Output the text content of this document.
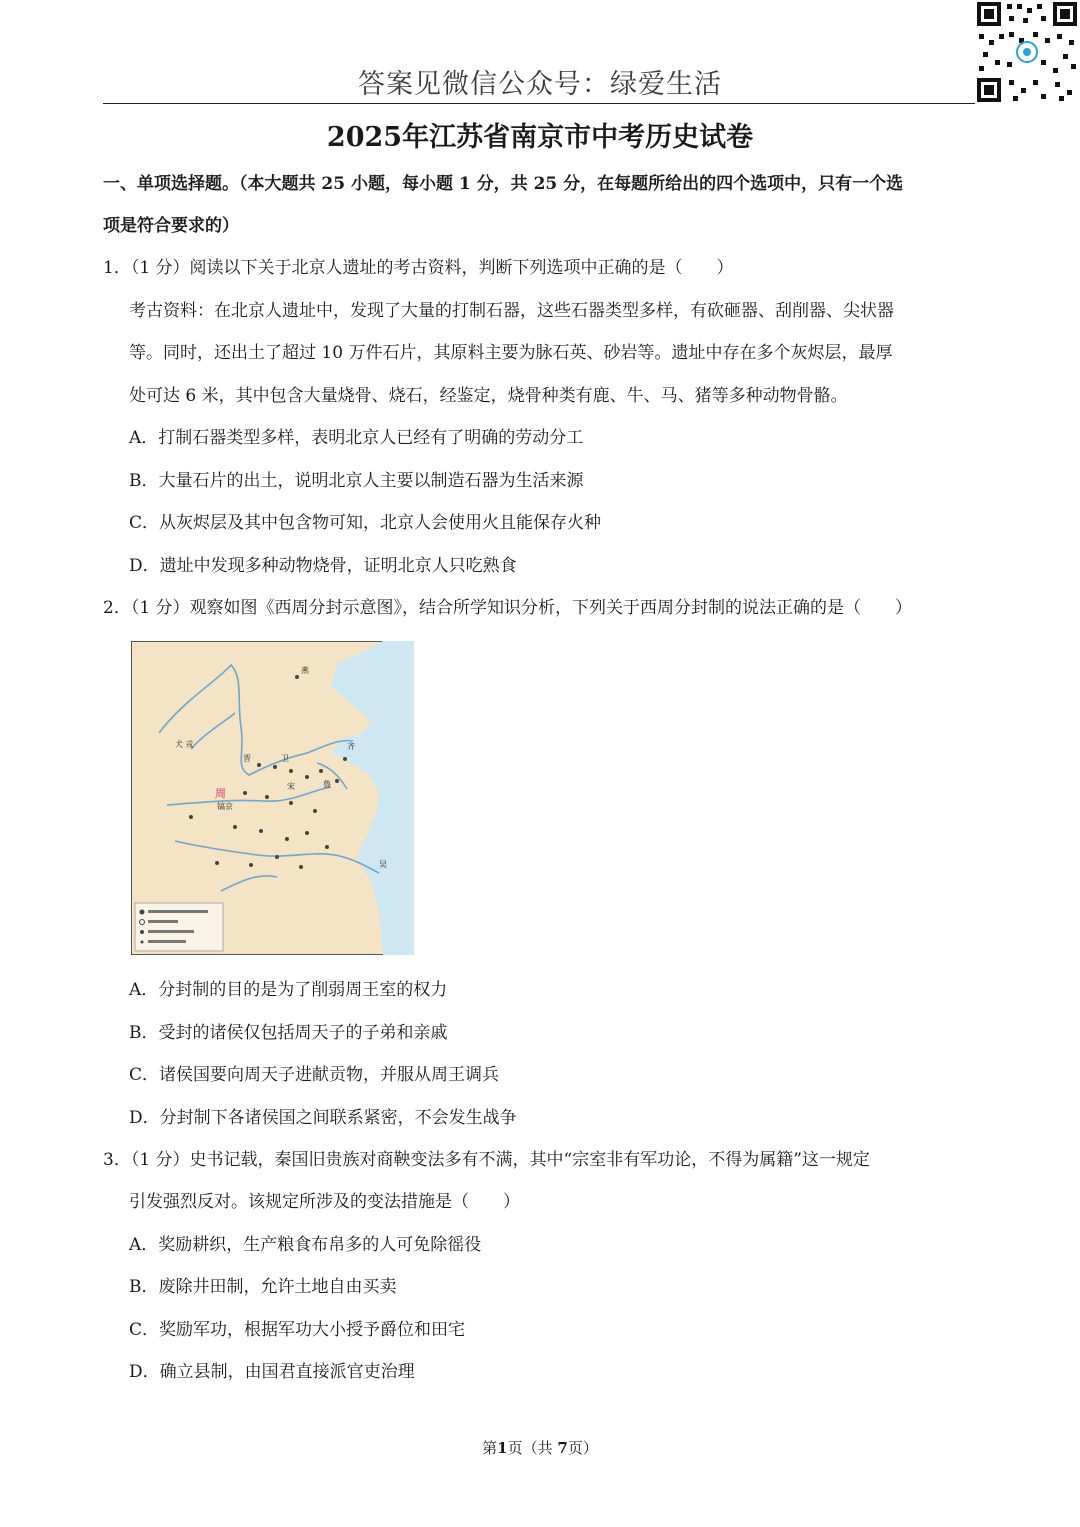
答案见微信公众号：绿爱生活
2025年江苏省南京市中考历史试卷
一、单项选择题。（本大题共 25 小题，每小题 1 分，共 25 分，在每题所给出的四个选项中，只有一个选
项是符合要求的）
1．（1 分）阅读以下关于北京人遗址的考古资料，判断下列选项中正确的是（　　）
考古资料：在北京人遗址中，发现了大量的打制石器，这些石器类型多样，有砍砸器、刮削器、尖状器
等。同时，还出土了超过 10 万件石片，其原料主要为脉石英、砂岩等。遗址中存在多个灰烬层，最厚
处可达 6 米，其中包含大量烧骨、烧石，经鉴定，烧骨种类有鹿、牛、马、猪等多种动物骨骼。
A．打制石器类型多样，表明北京人已经有了明确的劳动分工
B．大量石片的出土，说明北京人主要以制造石器为生活来源
C．从灰烬层及其中包含物可知，北京人会使用火且能保存火种
D．遗址中发现多种动物烧骨，证明北京人只吃熟食
2．（1 分）观察如图《西周分封示意图》，结合所学知识分析，下列关于西周分封制的说法正确的是（　　）
犬 戎
周
镐京
燕
齐
鲁
卫
晋
宋
吴
A．分封制的目的是为了削弱周王室的权力
B．受封的诸侯仅包括周天子的子弟和亲戚
C．诸侯国要向周天子进献贡物，并服从周王调兵
D．分封制下各诸侯国之间联系紧密，不会发生战争
3．（1 分）史书记载，秦国旧贵族对商鞅变法多有不满，其中“宗室非有军功论，不得为属籍”这一规定
引发强烈反对。该规定所涉及的变法措施是（　　）
A．奖励耕织，生产粮食布帛多的人可免除徭役
B．废除井田制，允许土地自由买卖
C．奖励军功，根据军功大小授予爵位和田宅
D．确立县制，由国君直接派官吏治理
第1页（共 7页）
